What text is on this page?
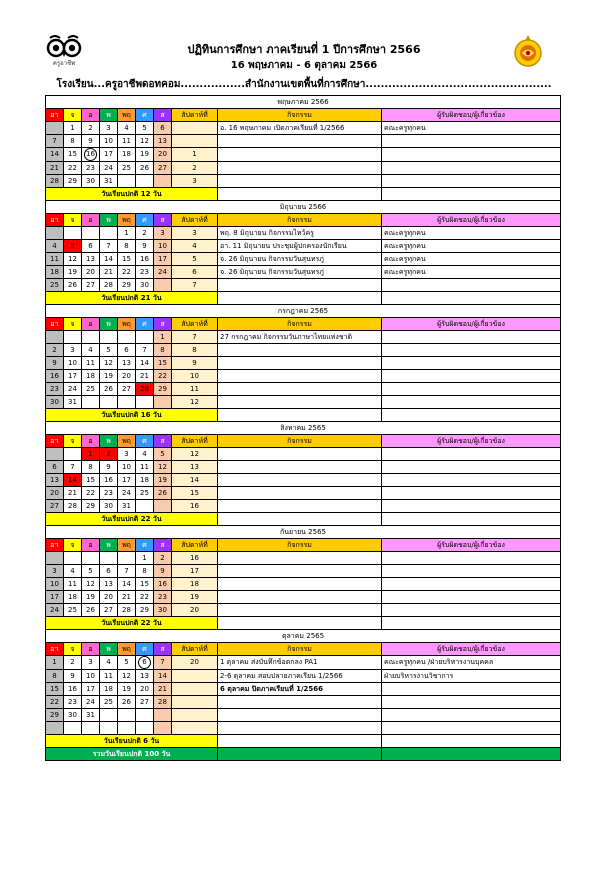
ครูอาชีพ
ปฏิทินการศึกษา ภาคเรียนที่ 1 ปีการศึกษา 2566
16 พฤษภาคม - 6 ตุลาคม 2566
โรงเรียน...ครูอาชีพดอทคอม.................สำนักงานเขตพื้นที่การศึกษา.................................................
พฤษภาคม 2566									
อา	จ	อ	พ	พฤ	ศ	ส	สัปดาห์ที่	กิจกรรม	ผู้รับผิดชอบ/ผู้เกี่ยวข้อง
	1	2	3	4	5	6		อ. 16 พฤษภาคม เปิดภาคเรียนที่ 1/2566	คณะครูทุกคน
7	8	9	10	11	12	13			
14	15	16	17	18	19	20	1		
21	22	23	24	25	26	27	2		
28	29	30	31				3		
วันเรียนปกติ 12 วัน									
มิถุนายน 2566									
อา	จ	อ	พ	พฤ	ศ	ส	สัปดาห์ที่	กิจกรรม	ผู้รับผิดชอบ/ผู้เกี่ยวข้อง
				1	2	3	3	พฤ. 8 มิถุนายน กิจกรรมไหว้ครู	คณะครูทุกคน
4	5	6	7	8	9	10	4	อา. 11 มิถุนายน ประชุมผู้ปกครองนักเรียน	คณะครูทุกคน
11	12	13	14	15	16	17	5	จ. 26 มิถุนายน กิจกรรมวันสุนทรภู่	คณะครูทุกคน
18	19	20	21	22	23	24	6	จ. 26 มิถุนายน กิจกรรมวันสุนทรภู่	คณะครูทุกคน
25	26	27	28	29	30		7		
วันเรียนปกติ 21 วัน									
กรกฎาคม 2565									
อา	จ	อ	พ	พฤ	ศ	ส	สัปดาห์ที่	กิจกรรม	ผู้รับผิดชอบ/ผู้เกี่ยวข้อง
						1	7	27 กรกฎาคม กิจกรรมวันภาษาไทยแห่งชาติ	
2	3	4	5	6	7	8	8		
9	10	11	12	13	14	15	9		
16	17	18	19	20	21	22	10		
23	24	25	26	27	28	29	11		
30	31						12		
วันเรียนปกติ 16 วัน									
สิงหาคม 2565									
อา	จ	อ	พ	พฤ	ศ	ส	สัปดาห์ที่	กิจกรรม	ผู้รับผิดชอบ/ผู้เกี่ยวข้อง
		1	2	3	4	5	12		
6	7	8	9	10	11	12	13		
13	14	15	16	17	18	19	14		
20	21	22	23	24	25	26	15		
27	28	29	30	31			16		
วันเรียนปกติ 22 วัน									
กันยายน 2565									
อา	จ	อ	พ	พฤ	ศ	ส	สัปดาห์ที่	กิจกรรม	ผู้รับผิดชอบ/ผู้เกี่ยวข้อง
					1	2	16		
3	4	5	6	7	8	9	17		
10	11	12	13	14	15	16	18		
17	18	19	20	21	22	23	19		
24	25	26	27	28	29	30	20		
วันเรียนปกติ 22 วัน									
ตุลาคม 2565									
อา	จ	อ	พ	พฤ	ศ	ส	สัปดาห์ที่	กิจกรรม	ผู้รับผิดชอบ/ผู้เกี่ยวข้อง
1	2	3	4	5	6	7	20	1 ตุลาคม ส่งบันทึกข้อตกลง PA1	คณะครูทุกคน /ฝ่ายบริหารงานบุคคล
8	9	10	11	12	13	14		2-6 ตุลาคม สอบปลายภาคเรียน 1/2566	ฝ่ายบริหารงานวิชาการ
15	16	17	18	19	20	21		6 ตุลาคม ปิดภาคเรียนที่ 1/2566	
22	23	24	25	26	27	28			
29	30	31							

วันเรียนปกติ 6 วัน									
รวมวันเรียนปกติ 100 วัน									
